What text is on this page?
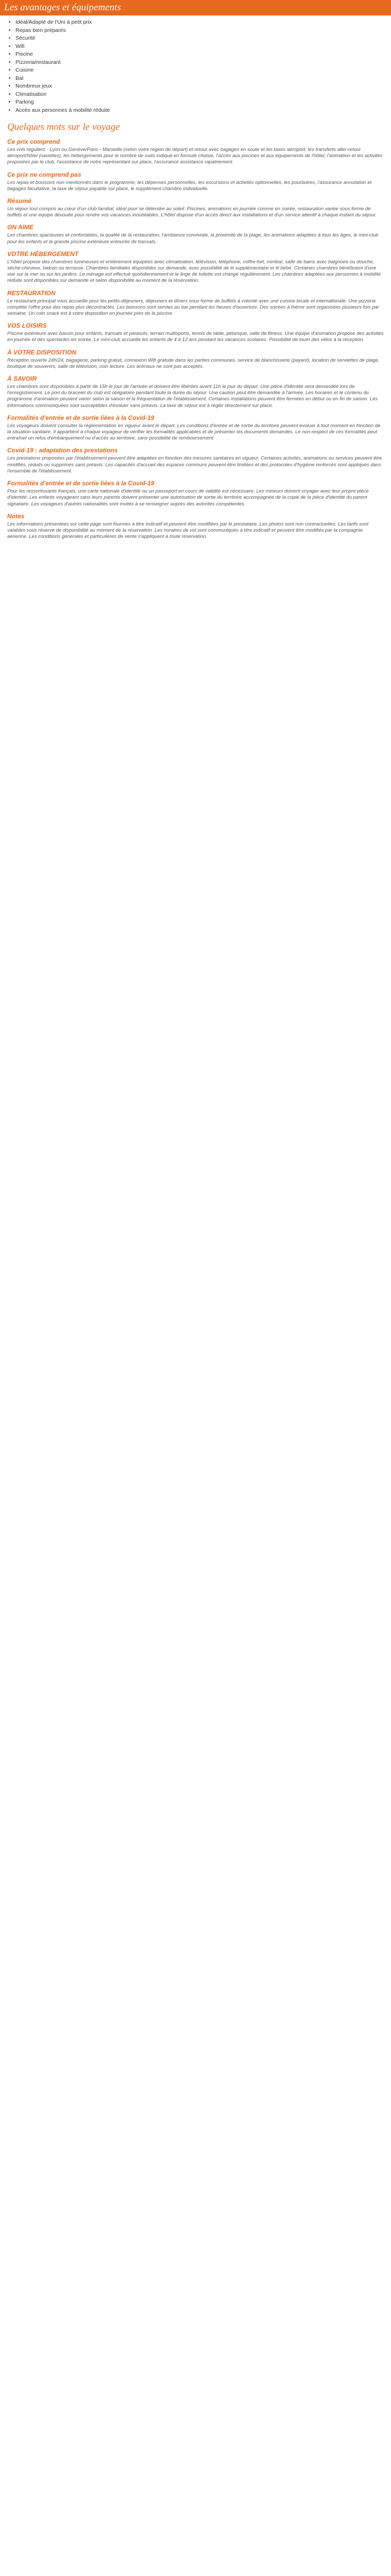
Les avantages et équipements
• Idéal/Adapté de l'Uni à petit prix
• Repas bien préparés
• Sécurité
• Wifi
• Piscine
• Pizzeria/restaurant
• Cuisine
• Bal
• Nombreux jeux
• Climatisation
• Parking
• Accès aux personnes à mobilité réduite
Quelques mots sur le voyage
Ce prix comprend

Les vols réguliers - Lyon ou Genève/Paris - Marseille (selon votre région de départ) et retour avec bagages en soute et les taxes aéroport, les transferts aller-retour aéroport/hôtel (navettes), les hébergements pour le nombre de nuits indiqué en formule choisie, l'accès aux piscines et aux équipements de l'hôtel, l'animation et les activités proposées par le club, l'assistance de notre représentant sur place, l'assurance assistance rapatriement.

Ce prix ne comprend pas

Les repas et boissons non mentionnés dans le programme, les dépenses personnelles, les excursions et activités optionnelles, les pourboires, l'assurance annulation et bagages facultative, la taxe de séjour payable sur place, le supplément chambre individuelle.

Résumé

Un séjour tout compris au cœur d'un club familial, idéal pour se détendre au soleil. Piscines, animations en journée comme en soirée, restauration variée sous forme de buffets et une équipe dévouée pour rendre vos vacances inoubliables. L'hôtel dispose d'un accès direct aux installations et d'un service attentif à chaque instant du séjour.

ON AIME

Les chambres spacieuses et confortables, la qualité de la restauration, l'ambiance conviviale, la proximité de la plage, les animations adaptées à tous les âges, le mini-club pour les enfants et la grande piscine extérieure entourée de transats.

VOTRE HÉBERGEMENT

L'hôtel propose des chambres lumineuses et entièrement équipées avec climatisation, télévision, téléphone, coffre-fort, minibar, salle de bains avec baignoire ou douche, sèche-cheveux, balcon ou terrasse. Chambres familiales disponibles sur demande, avec possibilité de lit supplémentaire et lit bébé. Certaines chambres bénéficient d'une vue sur la mer ou sur les jardins. Le ménage est effectué quotidiennement et le linge de toilette est changé régulièrement. Les chambres adaptées aux personnes à mobilité réduite sont disponibles sur demande et selon disponibilité au moment de la réservation.

RESTAURATION

Le restaurant principal vous accueille pour les petits-déjeuners, déjeuners et dîners sous forme de buffets à volonté avec une cuisine locale et internationale. Une pizzeria complète l'offre pour des repas plus décontractés. Les boissons sont servies au bar pendant les heures d'ouverture. Des soirées à thème sont organisées plusieurs fois par semaine. Un coin snack est à votre disposition en journée près de la piscine.

VOS LOISIRS

Piscine extérieure avec bassin pour enfants, transats et parasols, terrain multisports, tennis de table, pétanque, salle de fitness. Une équipe d'animation propose des activités en journée et des spectacles en soirée. Le mini-club accueille les enfants de 4 à 12 ans pendant les vacances scolaires. Possibilité de louer des vélos à la réception.

À VOTRE DISPOSITION

Réception ouverte 24h/24, bagagerie, parking gratuit, connexion Wifi gratuite dans les parties communes, service de blanchisserie (payant), location de serviettes de plage, boutique de souvenirs, salle de télévision, coin lecture. Les animaux ne sont pas acceptés.

À SAVOIR

Les chambres sont disponibles à partir de 15h le jour de l'arrivée et doivent être libérées avant 11h le jour du départ. Une pièce d'identité sera demandée lors de l'enregistrement. Le port du bracelet du club est obligatoire pendant toute la durée du séjour. Une caution peut être demandée à l'arrivée. Les horaires et le contenu du programme d'animation peuvent varier selon la saison et la fréquentation de l'établissement. Certaines installations peuvent être fermées en début ou en fin de saison. Les informations communiquées sont susceptibles d'évoluer sans préavis. La taxe de séjour est à régler directement sur place.

Formalités d'entrée et de sortie liées à la Covid-19

Les voyageurs doivent consulter la réglementation en vigueur avant le départ. Les conditions d'entrée et de sortie du territoire peuvent évoluer à tout moment en fonction de la situation sanitaire. Il appartient à chaque voyageur de vérifier les formalités applicables et de présenter les documents demandés. Le non-respect de ces formalités peut entraîner un refus d'embarquement ou d'accès au territoire, sans possibilité de remboursement.

Covid-19 : adaptation des prestations

Les prestations proposées par l'établissement peuvent être adaptées en fonction des mesures sanitaires en vigueur. Certaines activités, animations ou services peuvent être modifiés, réduits ou supprimés sans préavis. Les capacités d'accueil des espaces communs peuvent être limitées et des protocoles d'hygiène renforcés sont appliqués dans l'ensemble de l'établissement.

Formalités d'entrée et de sortie liées à la Covid-19

Pour les ressortissants français, une carte nationale d'identité ou un passeport en cours de validité est nécessaire. Les mineurs doivent voyager avec leur propre pièce d'identité. Les enfants voyageant sans leurs parents doivent présenter une autorisation de sortie du territoire accompagnée de la copie de la pièce d'identité du parent signataire. Les voyageurs d'autres nationalités sont invités à se renseigner auprès des autorités compétentes.

Notes

Les informations présentées sur cette page sont fournies à titre indicatif et peuvent être modifiées par le prestataire. Les photos sont non contractuelles. Les tarifs sont valables sous réserve de disponibilité au moment de la réservation. Les horaires de vol sont communiqués à titre indicatif et peuvent être modifiés par la compagnie aérienne. Les conditions générales et particulières de vente s'appliquent à toute réservation.
